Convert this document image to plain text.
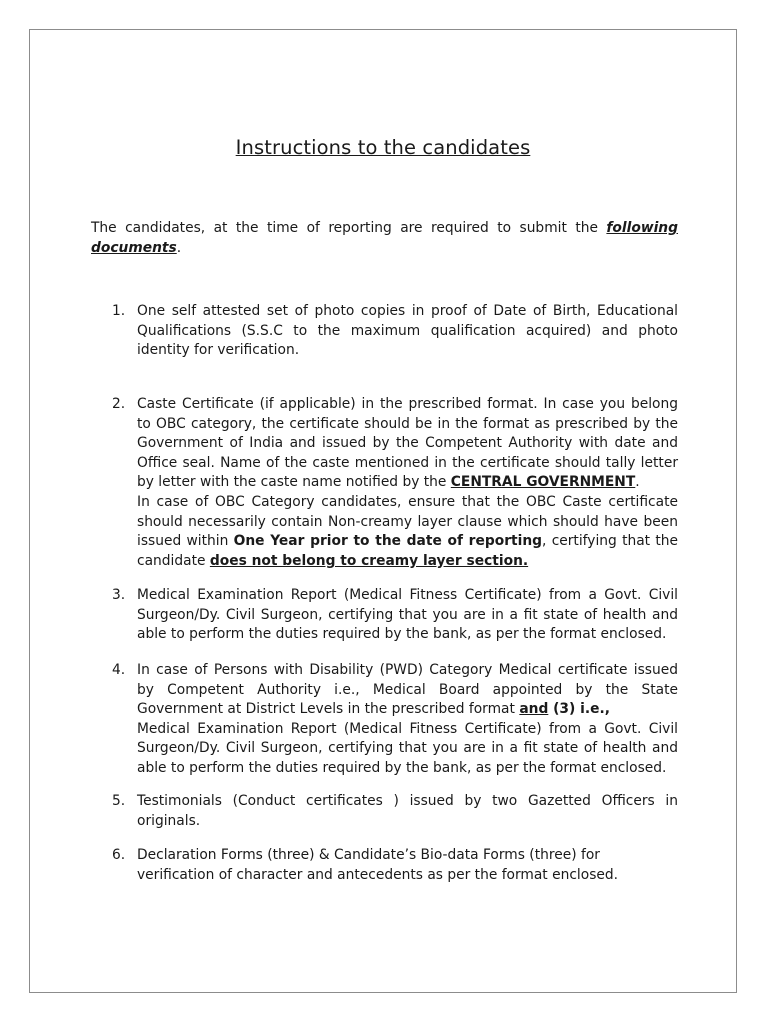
Instructions to the candidates

The candidates, at the time of reporting are required to submit the following documents.

1. One self attested set of photo copies in proof of Date of Birth, Educational Qualifications (S.S.C to the maximum qualification acquired) and photo identity for verification.
2. Caste Certificate (if applicable) in the prescribed format. In case you belong to OBC category, the certificate should be in the format as prescribed by the Government of India and issued by the Competent Authority with date and Office seal. Name of the caste mentioned in the certificate should tally letter by letter with the caste name notified by the CENTRAL GOVERNMENT.
In case of OBC Category candidates, ensure that the OBC Caste certificate should necessarily contain Non-creamy layer clause which should have been issued within One Year prior to the date of reporting, certifying that the candidate does not belong to creamy layer section.
3. Medical Examination Report (Medical Fitness Certificate) from a Govt. Civil Surgeon/Dy. Civil Surgeon, certifying that you are in a fit state of health and able to perform the duties required by the bank, as per the format enclosed.
4. In case of Persons with Disability (PWD) Category Medical certificate issued by Competent Authority i.e., Medical Board appointed by the State Government at District Levels in the prescribed format and (3) i.e.,
Medical Examination Report (Medical Fitness Certificate) from a Govt. Civil Surgeon/Dy. Civil Surgeon, certifying that you are in a fit state of health and able to perform the duties required by the bank, as per the format enclosed.
5. Testimonials (Conduct certificates ) issued by two Gazetted Officers in originals.
6. Declaration Forms (three) & Candidate’s Bio-data Forms (three) for
verification of character and antecedents as per the format enclosed.
